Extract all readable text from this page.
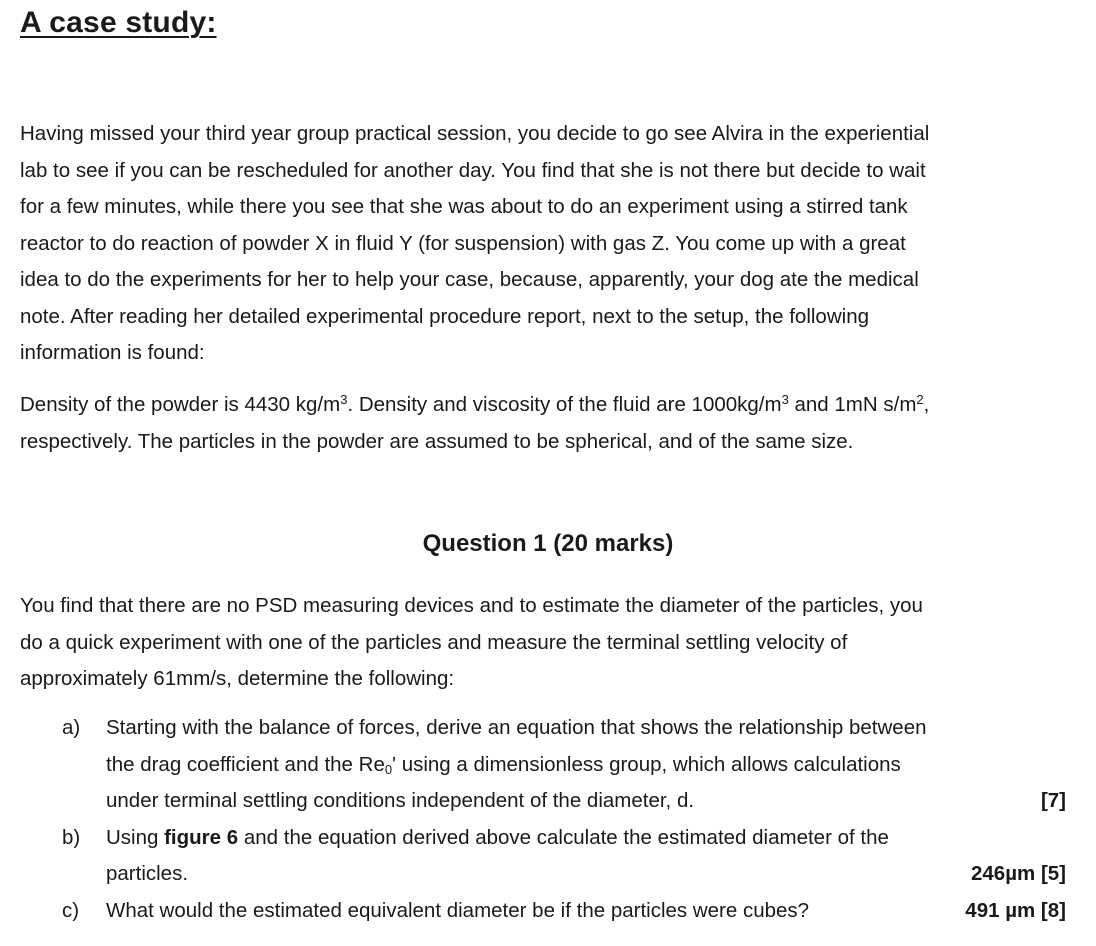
A case study:

Having missed your third year group practical session, you decide to go see Alvira in the experiential
lab to see if you can be rescheduled for another day. You find that she is not there but decide to wait
for a few minutes, while there you see that she was about to do an experiment using a stirred tank
reactor to do reaction of powder X in fluid Y (for suspension) with gas Z. You come up with a great
idea to do the experiments for her to help your case, because, apparently, your dog ate the medical
note. After reading her detailed experimental procedure report, next to the setup, the following
information is found:

Density of the powder is 4430 $kg/m^3$. Density and viscosity of the fluid are $1000kg/m^3$ and 1mN $s/m^2$,
respectively. The particles in the powder are assumed to be spherical, and of the same size.

Question 1 (20 marks)

You find that there are no PSD measuring devices and to estimate the diameter of the particles, you
do a quick experiment with one of the particles and measure the terminal settling velocity of
approximately 61mm/s, determine the following:

a) Starting with the balance of forces, derive an equation that shows the relationship between
the drag coefficient and the $Re_0'$ using a dimensionless group, which allows calculations
under terminal settling conditions independent of the diameter, d.	[7]
b) Using figure 6 and the equation derived above calculate the estimated diameter of the
particles.	246µm [5]
c) What would the estimated equivalent diameter be if the particles were cubes?	491 µm [8]
